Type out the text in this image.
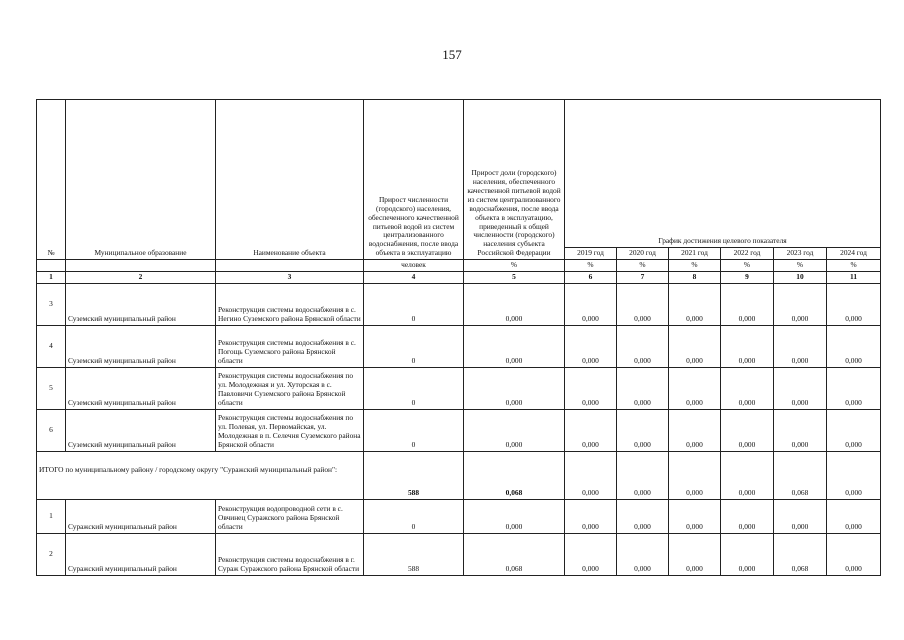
157
№	Муниципальное образование	Наименование объекта	Прирост численности (городского) населения, обеспеченного качественной питьевой водой из систем централизованного водоснабжения, после ввода объекта в эксплуатацию	Прирост доли (городского) населения, обеспеченного качественной питьевой водой из систем централизованного водоснабжения, после ввода объекта в эксплуатацию, приведенный к общей численности (городского) населения субъекта Российской Федерации	График достижения целевого показателя					
					2019 год	2020 год	2021 год	2022 год	2023 год	2024 год
			человек	%	%	%	%	%	%	%
1	2	3	4	5	6	7	8	9	10	11
3	Суземский муниципальный район	Реконструкция системы водоснабжения в с. Негино Суземского района Брянской области	0	0,000	0,000	0,000	0,000	0,000	0,000	0,000
4	Суземский муниципальный район	Реконструкция системы водоснабжения в с. Погощь Суземского района Брянской области	0	0,000	0,000	0,000	0,000	0,000	0,000	0,000
5	Суземский муниципальный район	Реконструкция системы водоснабжения по ул. Молодежная и ул. Хуторская в с. Павловичи Суземского района Брянской области	0	0,000	0,000	0,000	0,000	0,000	0,000	0,000
6	Суземский муниципальный район	Реконструкция системы водоснабжения по ул. Полевая, ул. Первомайская, ул. Молодежная в п. Селечня Суземского района Брянской области	0	0,000	0,000	0,000	0,000	0,000	0,000	0,000
ИТОГО по муниципальному району / городскому округу "Суражский муниципальный район":			588	0,068	0,000	0,000	0,000	0,000	0,068	0,000
1	Суражский муниципальный район	Реконструкция водопроводной сети в с. Овчинец Суражского района Брянской области	0	0,000	0,000	0,000	0,000	0,000	0,000	0,000
2	Суражский муниципальный район	Реконструкция системы водоснабжения в г. Сураж Суражского района Брянской области	588	0,068	0,000	0,000	0,000	0,000	0,068	0,000
